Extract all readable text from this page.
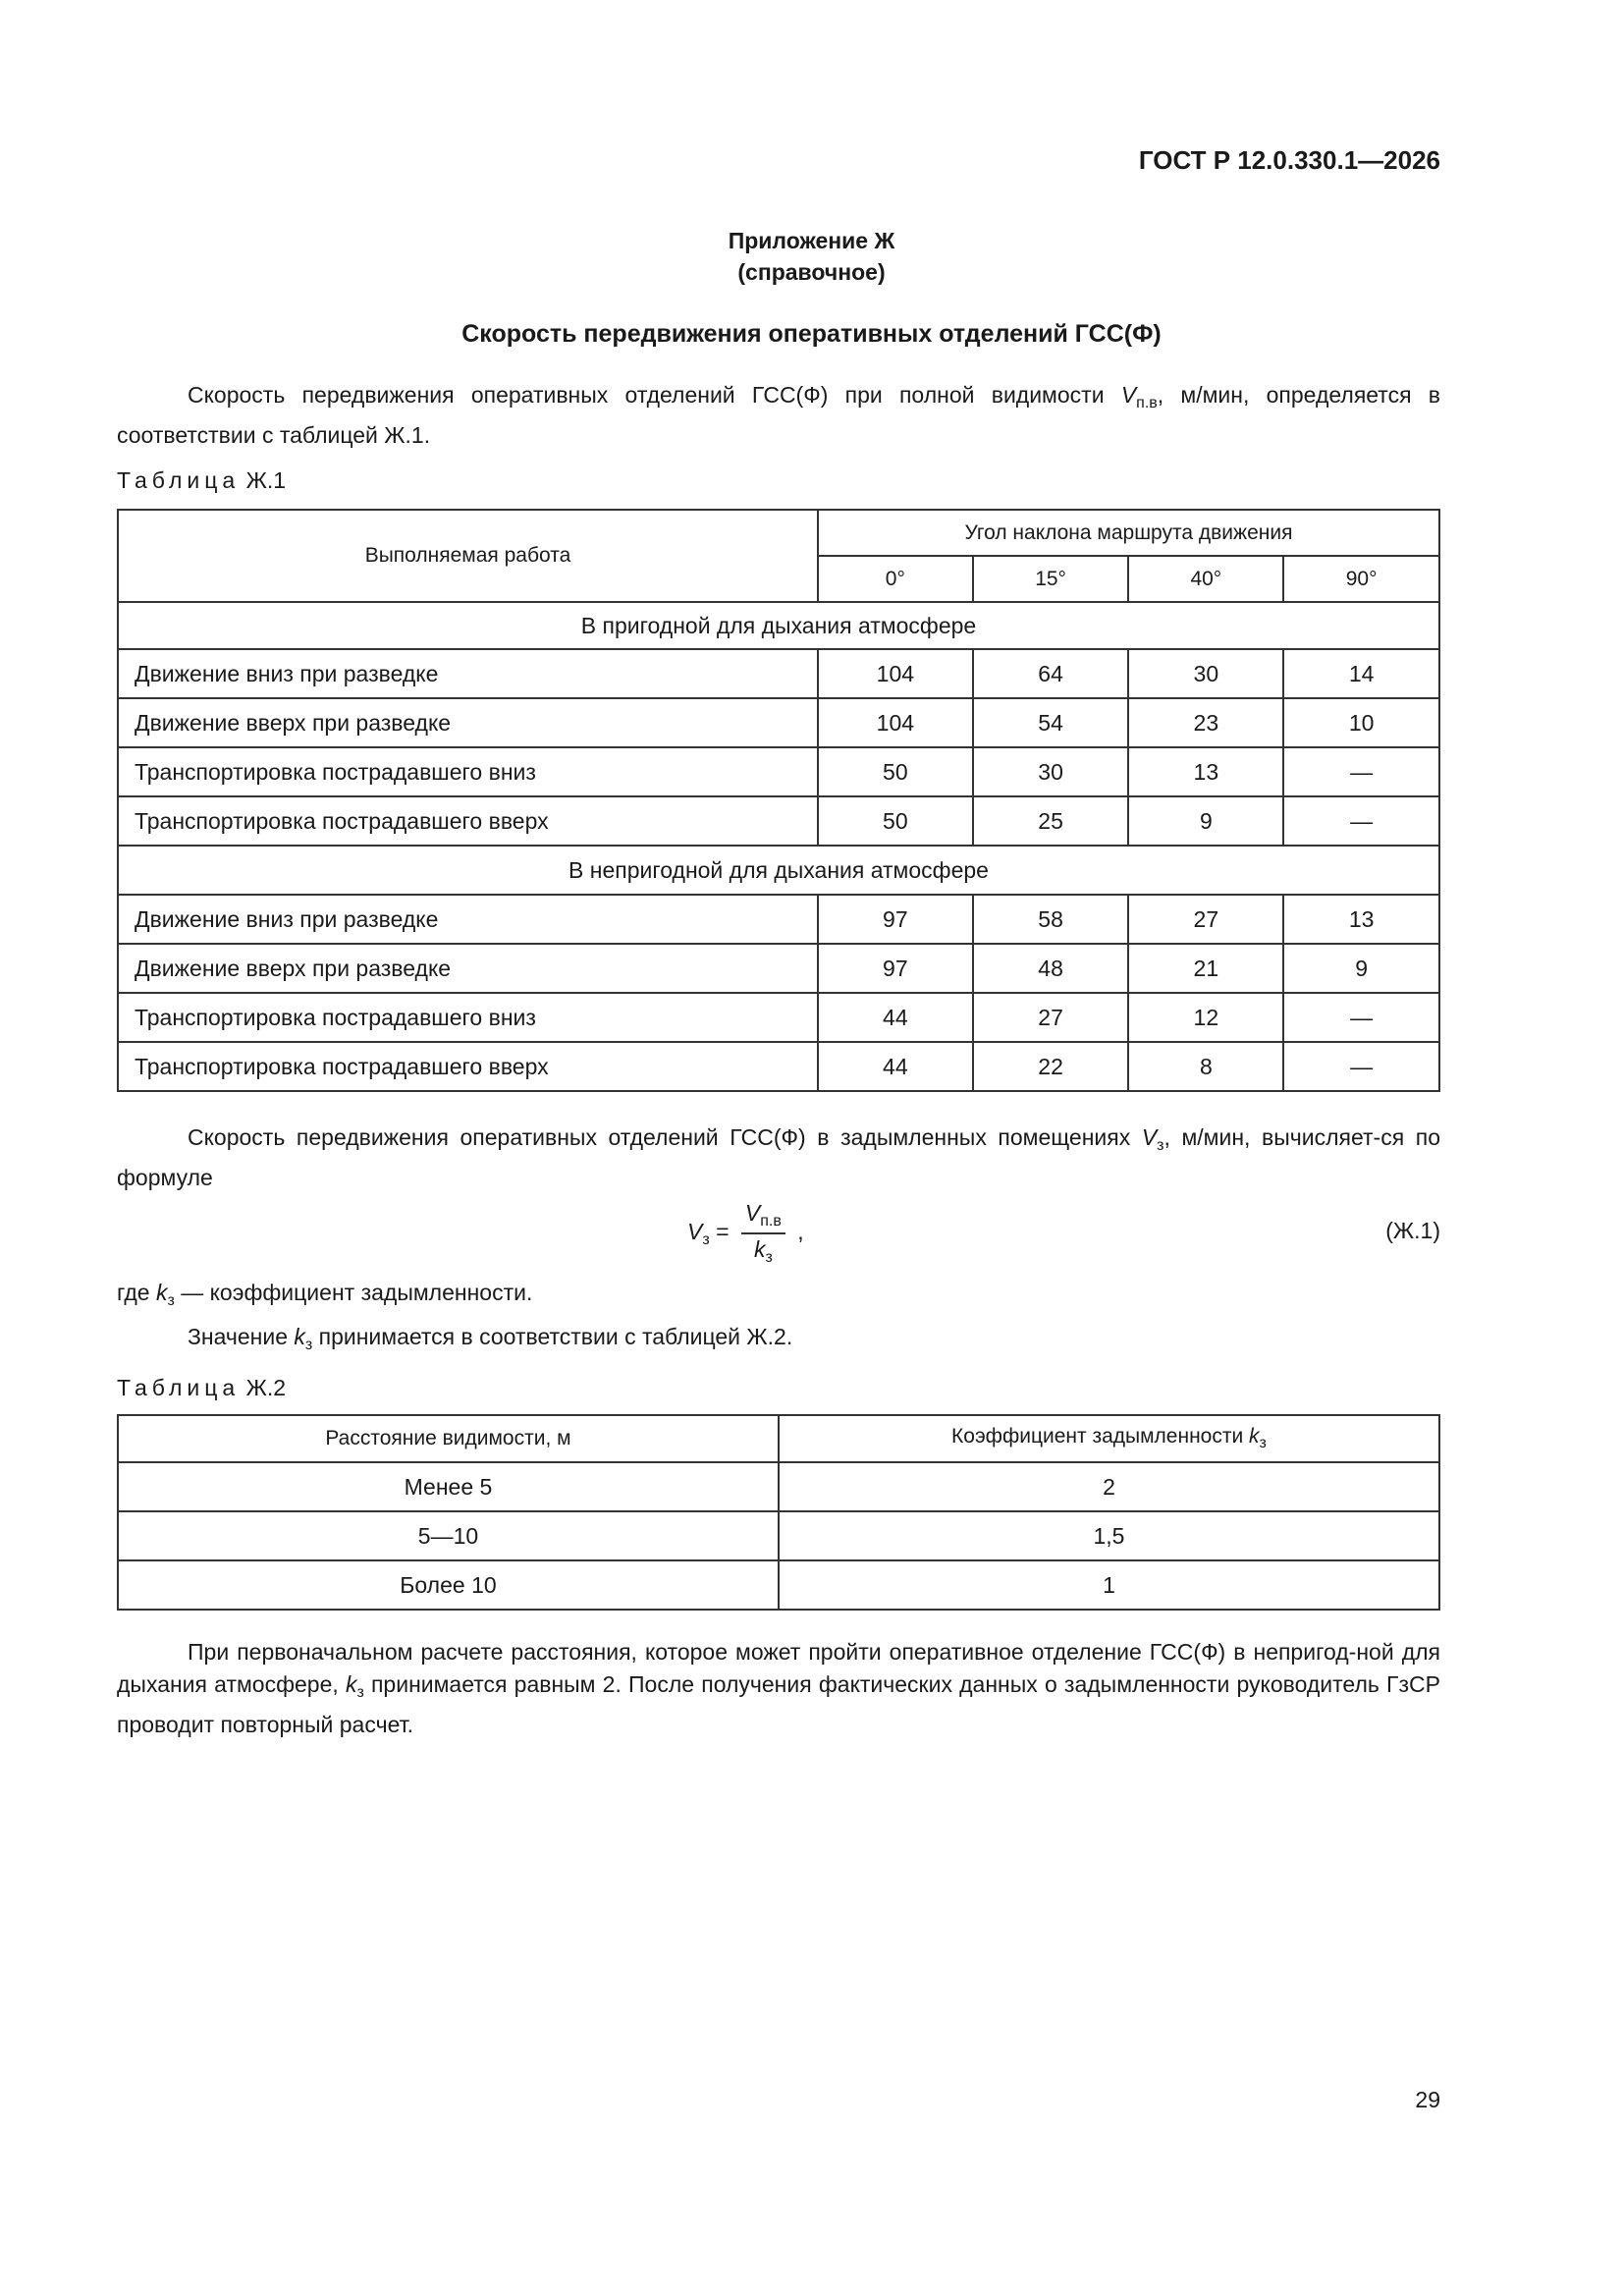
ГОСТ Р 12.0.330.1—2026
Приложение Ж
(справочное)
Скорость передвижения оперативных отделений ГСС(Ф)
Скорость передвижения оперативных отделений ГСС(Ф) при полной видимости $V_{п.в}$, м/мин, определяется в соответствии с таблицей Ж.1.
Таблица Ж.1
Выполняемая работа	Угол наклона маршрута движения			
	0°	15°	40°	90°
В пригодной для дыхания атмосфере				
Движение вниз при разведке	104	64	30	14
Движение вверх при разведке	104	54	23	10
Транспортировка пострадавшего вниз	50	30	13	—
Транспортировка пострадавшего вверх	50	25	9	—
В непригодной для дыхания атмосфере				
Движение вниз при разведке	97	58	27	13
Движение вверх при разведке	97	48	21	9
Транспортировка пострадавшего вниз	44	27	12	—
Транспортировка пострадавшего вверх	44	22	8	—
Скорость передвижения оперативных отделений ГСС(Ф) в задымленных помещениях $V_з$, м/мин, вычисляет-ся по формуле
$V_з = \frac{V_{п.в}}{k_з}$ ,	(Ж.1)
где $k_з$ — коэффициент задымленности.
Значение $k_з$ принимается в соответствии с таблицей Ж.2.
Таблица Ж.2
Расстояние видимости, м	Коэффициент задымленности $k_з$
Менее 5	2
5—10	1,5
Более 10	1
При первоначальном расчете расстояния, которое может пройти оперативное отделение ГСС(Ф) в непригод-ной для дыхания атмосфере, $k_з$ принимается равным 2. После получения фактических данных о задымленности руководитель ГзСР проводит повторный расчет.
29
